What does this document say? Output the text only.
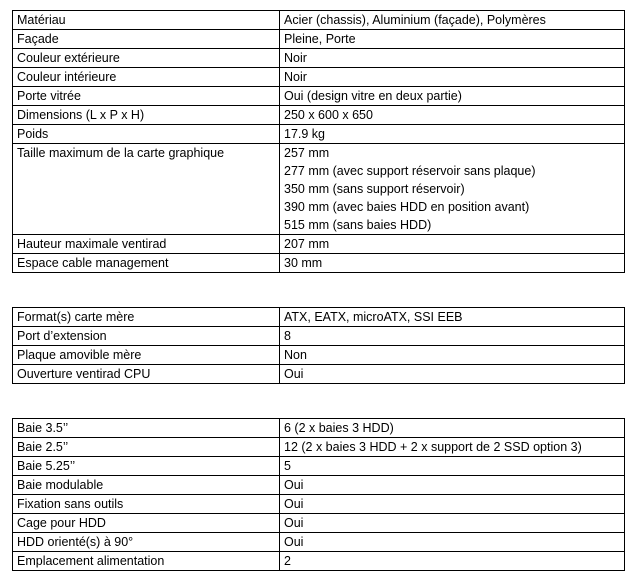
Matériau	Acier (chassis), Aluminium (façade), Polymères

Façade	Pleine, Porte

Couleur extérieure	Noir

Couleur intérieure	Noir

Porte vitrée	Oui (design vitre en deux partie)

Dimensions (L x P x H)	250 x 600 x 650

Poids	17.9 kg

Taille maximum de la carte graphique	257 mm
277 mm (avec support réservoir sans plaque)
350 mm (sans support réservoir)
390 mm (avec baies HDD en position avant)
515 mm (sans baies HDD)

Hauteur maximale ventirad	207 mm

Espace cable management	30 mm
Format(s) carte mère	ATX, EATX, microATX, SSI EEB

Port d’extension	8

Plaque amovible mère	Non

Ouverture ventirad CPU	Oui
Baie 3.5’’	6 (2 x baies 3 HDD)

Baie 2.5’’	12 (2 x baies 3 HDD + 2 x support de 2 SSD option 3)

Baie 5.25’’	5

Baie modulable	Oui

Fixation sans outils	Oui

Cage pour HDD	Oui

HDD orienté(s) à 90°	Oui

Emplacement alimentation	2
